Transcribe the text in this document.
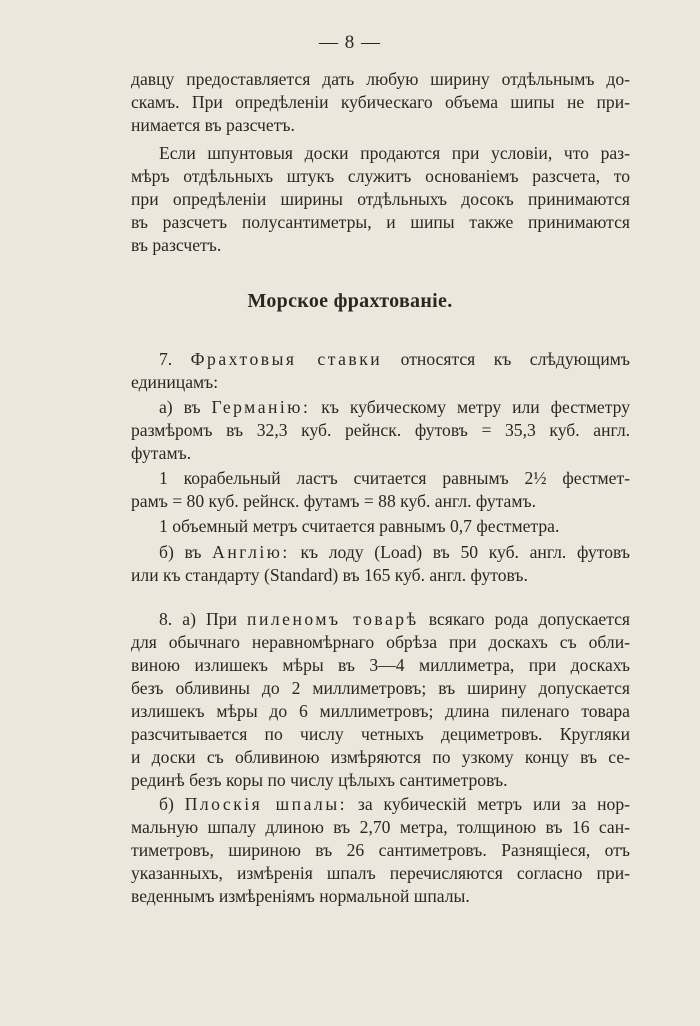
— 8 —
давцу предоставляется дать любую ширину отдѣльнымъ до-
скамъ. При опредѣленіи кубическаго объема шипы не при-
нимается въ разсчетъ.
Если шпунтовыя доски продаются при условіи, что раз-
мѣръ отдѣльныхъ штукъ служитъ основаніемъ разсчета, то
при опредѣленіи ширины отдѣльныхъ досокъ принимаются
въ разсчетъ полусантиметры, и шипы также принимаются
въ разсчетъ.
Морское фрахтованіе.
7. Фрахтовыя ставки относятся къ слѣдующимъ
единицамъ:
а) въ Германію: къ кубическому метру или фестметру
размѣромъ въ 32,3 куб. рейнск. футовъ = 35,3 куб. англ.
футамъ.
1 корабельный ластъ считается равнымъ 2½ фестмет-
рамъ = 80 куб. рейнск. футамъ = 88 куб. англ. футамъ.
1 объемный метръ считается равнымъ 0,7 фестметра.
б) въ Англію: къ лоду (Load) въ 50 куб. англ. футовъ
или къ стандарту (Standard) въ 165 куб. англ. футовъ.
8. а) При пиленомъ товарѣ всякаго рода допускается
для обычнаго неравномѣрнаго обрѣза при доскахъ съ обли-
виною излишекъ мѣры въ 3—4 миллиметра, при доскахъ
безъ обливины до 2 миллиметровъ; въ ширину допускается
излишекъ мѣры до 6 миллиметровъ; длина пиленаго товара
разсчитывается по числу четныхъ дециметровъ. Кругляки
и доски съ обливиною измѣряются по узкому концу въ се-
рединѣ безъ коры по числу цѣлыхъ сантиметровъ.
б) Плоскія шпалы: за кубическій метръ или за нор-
мальную шпалу длиною въ 2,70 метра, толщиною въ 16 сан-
тиметровъ, шириною въ 26 сантиметровъ. Разнящіеся, отъ
указанныхъ, измѣренія шпалъ перечисляются согласно при-
веденнымъ измѣреніямъ нормальной шпалы.
